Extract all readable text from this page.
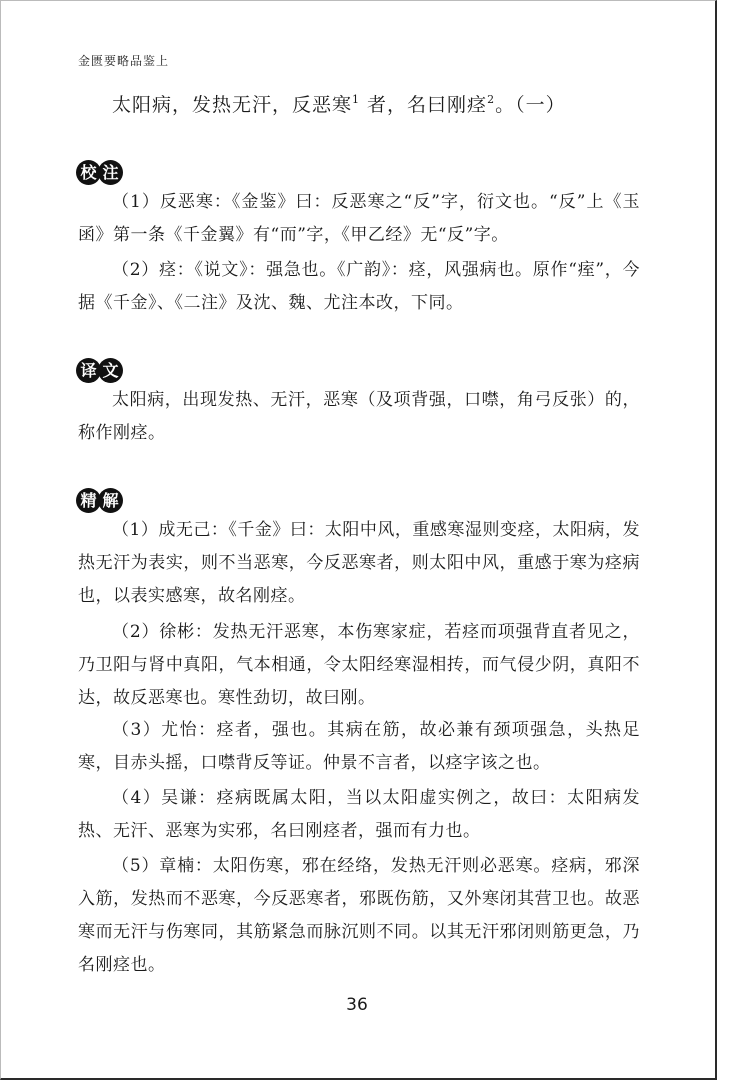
金匮要略品鉴上
太阳病，发热无汗，反恶寒$^1$ 者，名曰刚痉$^2$。（一）
校 注
（1）反恶寒：《金鉴》曰：反恶寒之“反”字，衍文也。“反”上《玉函》第一条《千金翼》有“而”字，《甲乙经》无“反”字。
（2）痉：《说文》：强急也。《广韵》：痉，风强病也。原作“痓”，今据《千金》、《二注》及沈、魏、尤注本改，下同。
译 文
太阳病，出现发热、无汗，恶寒（及项背强，口噤，角弓反张）的，称作刚痉。
精 解
（1）成无己：《千金》曰：太阳中风，重感寒湿则变痉，太阳病，发热无汗为表实，则不当恶寒，今反恶寒者，则太阳中风，重感于寒为痉病也，以表实感寒，故名刚痉。
（2）徐彬：发热无汗恶寒，本伤寒家症，若痉而项强背直者见之，乃卫阳与肾中真阳，气本相通，令太阳经寒湿相抟，而气侵少阴，真阳不达，故反恶寒也。寒性劲切，故曰刚。
（3）尤怡：痉者，强也。其病在筋，故必兼有颈项强急，头热足寒，目赤头摇，口噤背反等证。仲景不言者，以痉字该之也。
（4）吴谦：痉病既属太阳，当以太阳虚实例之，故曰：太阳病发热、无汗、恶寒为实邪，名曰刚痉者，强而有力也。
（5）章楠：太阳伤寒，邪在经络，发热无汗则必恶寒。痉病，邪深入筋，发热而不恶寒，今反恶寒者，邪既伤筋，又外寒闭其营卫也。故恶寒而无汗与伤寒同，其筋紧急而脉沉则不同。以其无汗邪闭则筋更急，乃名刚痉也。
36
